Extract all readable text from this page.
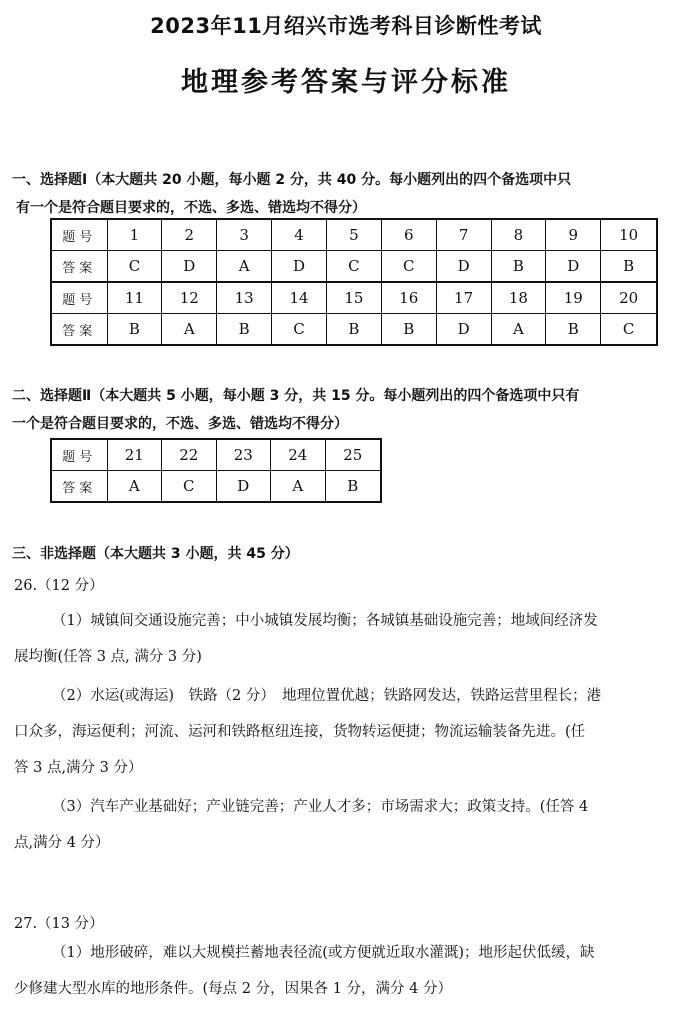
2023年11月绍兴市选考科目诊断性考试
地理参考答案与评分标准
一、选择题Ⅰ（本大题共 20 小题，每小题 2 分，共 40 分。每小题列出的四个备选项中只
有一个是符合题目要求的，不选、多选、错选均不得分）
题号	1	2	3	4	5	6	7	8	9	10
答案	C	D	A	D	C	C	D	B	D	B
题号	11	12	13	14	15	16	17	18	19	20
答案	B	A	B	C	B	B	D	A	B	C
二、选择题Ⅱ（本大题共 5 小题，每小题 3 分，共 15 分。每小题列出的四个备选项中只有
一个是符合题目要求的，不选、多选、错选均不得分）
题号	21	22	23	24	25
答案	A	C	D	A	B
三、非选择题（本大题共 3 小题，共 45 分）
26.（12 分）
（1）城镇间交通设施完善；中小城镇发展均衡；各城镇基础设施完善；地域间经济发
展均衡(任答 3 点, 满分 3 分)
（2）水运(或海运)　铁路（2 分）　地理位置优越；铁路网发达，铁路运营里程长；港
口众多，海运便利；河流、运河和铁路枢纽连接，货物转运便捷；物流运输装备先进。(任
答 3 点,满分 3 分）
（3）汽车产业基础好；产业链完善；产业人才多；市场需求大；政策支持。(任答 4
点,满分 4 分）
27.（13 分）
（1）地形破碎，难以大规模拦蓄地表径流(或方便就近取水灌溉)；地形起伏低缓，缺
少修建大型水库的地形条件。(每点 2 分，因果各 1 分，满分 4 分）
